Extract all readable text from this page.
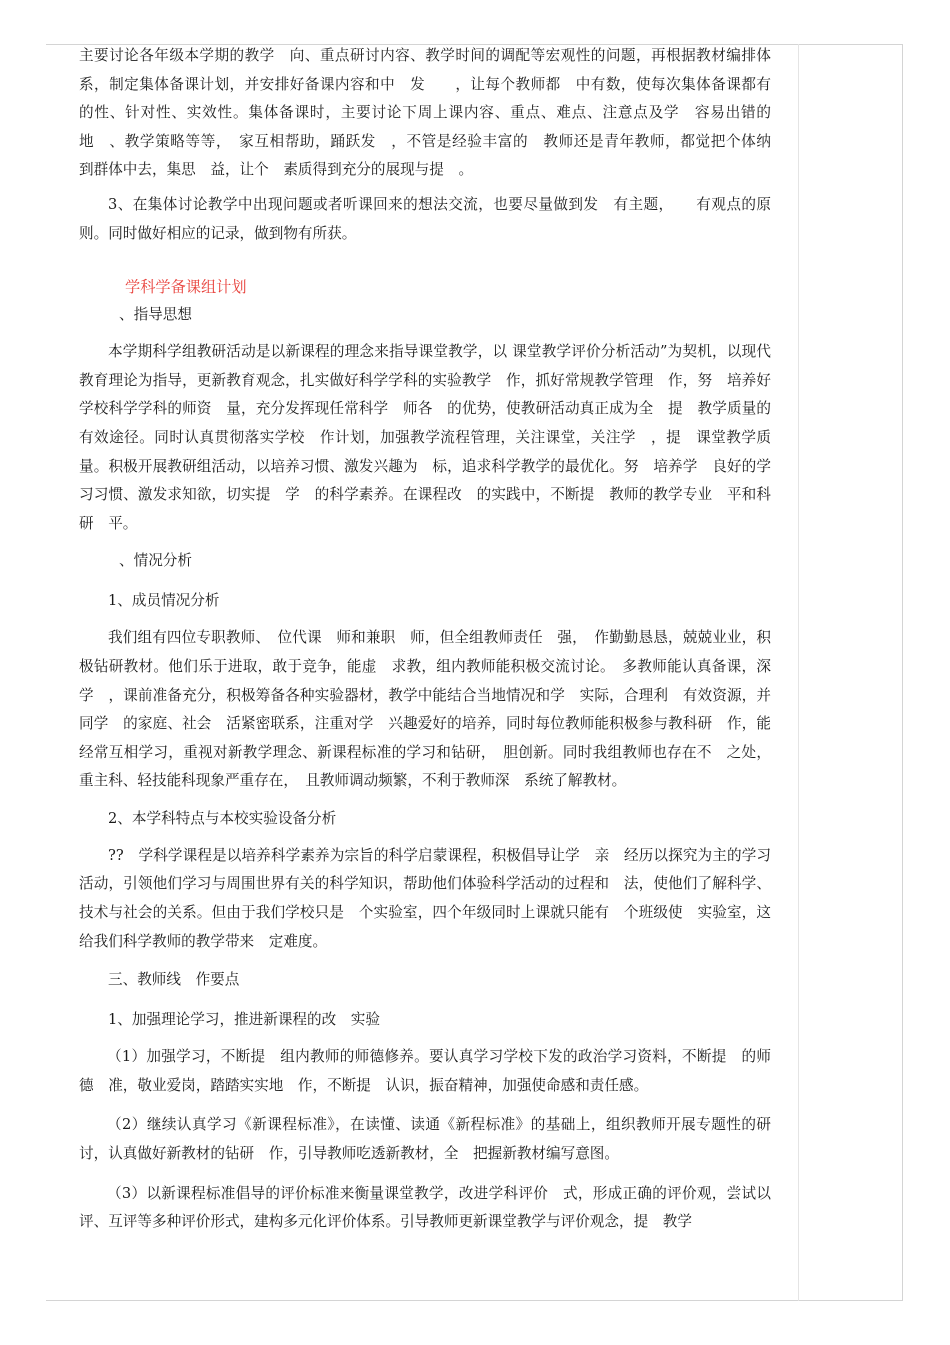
主要讨论各年级本学期的教学　向、重点研讨内容、教学时间的调配等宏观性的问题，再根据教材编排体系，制定集体备课计划，并安排好备课内容和中　发　　，让每个教师都　中有数，使每次集体备课都有　的性、针对性、实效性。集体备课时，主要讨论下周上课内容、重点、难点、注意点及学　容易出错的地　、教学策略等等，　家互相帮助，踊跃发　，不管是经验丰富的　教师还是青年教师，都觉把个体纳　到群体中去，集思　益，让个　素质得到充分的展现与提　。

3、在集体讨论教学中出现问题或者听课回来的想法交流，也要尽量做到发　有主题，　　有观点的原则。同时做好相应的记录，做到物有所获。

学科学备课组计划

、指导思想

本学期科学组教研活动是以新课程的理念来指导课堂教学，以 课堂教学评价分析活动”为契机，以现代教育理论为指导，更新教育观念，扎实做好科学学科的实验教学　作，抓好常规教学管理　作，努　培养好学校科学学科的师资　量，充分发挥现任常科学　师各　的优势，使教研活动真正成为全　提　教学质量的有效途径。同时认真贯彻落实学校　作计划，加强教学流程管理，关注课堂，关注学　，提　课堂教学质量。积极开展教研组活动，以培养习惯、激发兴趣为　标，追求科学教学的最优化。努　培养学　良好的学习习惯、激发求知欲，切实提　学　的科学素养。在课程改　的实践中，不断提　教师的教学专业　平和科研　平。

、情况分析

1、成员情况分析

我们组有四位专职教师、　位代课　师和兼职　师，但全组教师责任　强，　作勤勤恳恳，兢兢业业，积极钻研教材。他们乐于进取，敢于竞争，能虚　求教，组内教师能积极交流讨论。　多教师能认真备课，深　学　，课前准备充分，积极筹备各种实验器材，教学中能结合当地情况和学　实际，合理利　有效资源，并同学　的家庭、社会　活紧密联系，注重对学　兴趣爱好的培养，同时每位教师能积极参与教科研　作，能经常互相学习，重视对新教学理念、新课程标准的学习和钻研，　胆创新。同时我组教师也存在不　之处，重主科、轻技能科现象严重存在，　且教师调动频繁，不利于教师深　系统了解教材。

2、本学科特点与本校实验设备分析

??　学科学课程是以培养科学素养为宗旨的科学启蒙课程，积极倡导让学　亲　经历以探究为主的学习活动，引领他们学习与周围世界有关的科学知识，帮助他们体验科学活动的过程和　法，使他们了解科学、技术与社会的关系。但由于我们学校只是　个实验室，四个年级同时上课就只能有　个班级使　实验室，这给我们科学教师的教学带来　定难度。

三、教师线　作要点

1、加强理论学习，推进新课程的改　实验

（1）加强学习，不断提　组内教师的师德修养。要认真学习学校下发的政治学习资料，不断提　的师德　准，敬业爱岗，踏踏实实地　作，不断提　认识，振奋精神，加强使命感和责任感。

（2）继续认真学习《新课程标准》，在读懂、读通《新程标准》的基础上，组织教师开展专题性的研讨，认真做好新教材的钻研　作，引导教师吃透新教材，全　把握新教材编写意图。

（3）以新课程标准倡导的评价标准来衡量课堂教学，改进学科评价　式，形成正确的评价观，尝试以　评、互评等多种评价形式，建构多元化评价体系。引导教师更新课堂教学与评价观念，提　教学
